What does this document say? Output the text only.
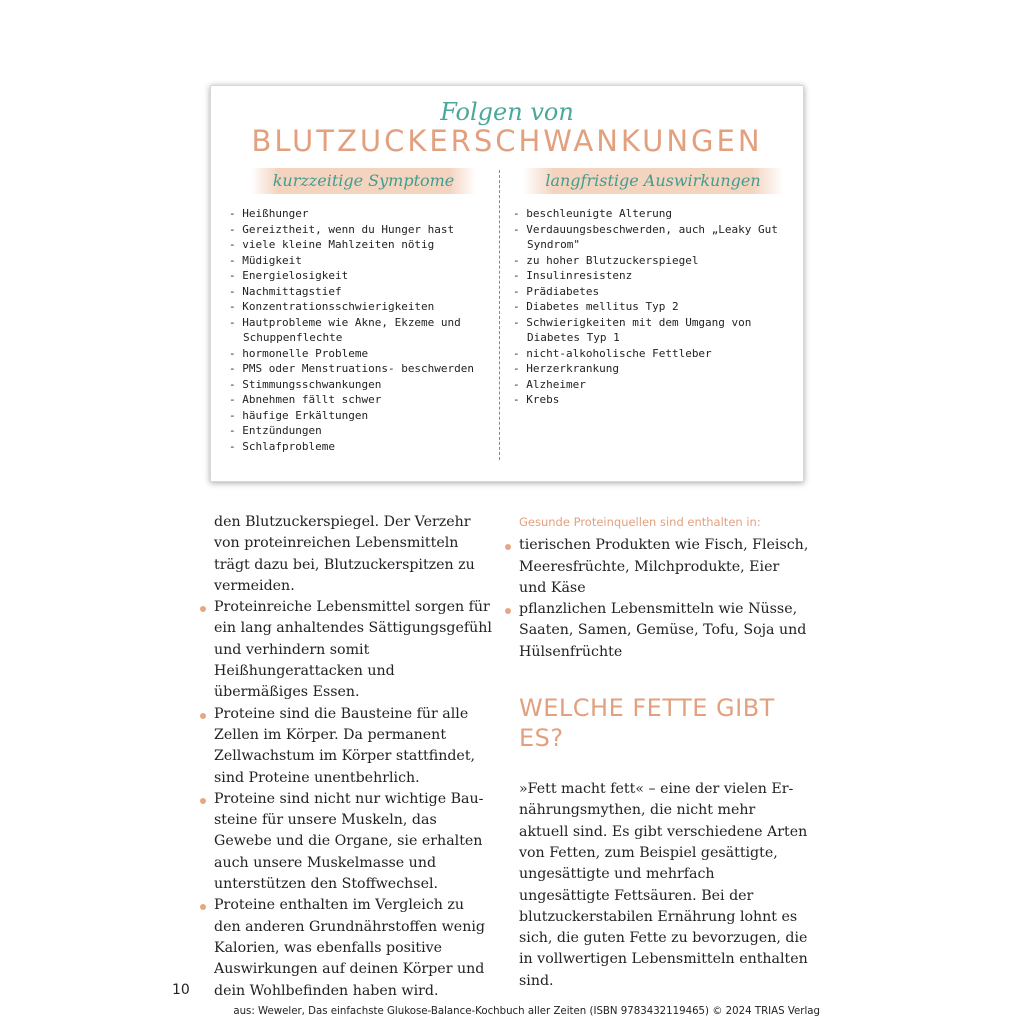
Folgen von
BLUTZUCKERSCHWANKUNGEN
kurzzeitige Symptome	langfristige Auswirkungen
- Heißhunger
- Gereiztheit, wenn du Hunger hast
- viele kleine Mahlzeiten nötig
- Müdigkeit
- Energielosigkeit
- Nachmittagstief
- Konzentrationsschwierigkeiten
- Hautprobleme wie Akne, Ekzeme und Schuppenflechte
- hormonelle Probleme
- PMS oder Menstruations- beschwerden
- Stimmungsschwankungen
- Abnehmen fällt schwer
- häufige Erkältungen
- Entzündungen
- Schlafprobleme
- beschleunigte Alterung
- Verdauungsbeschwerden, auch „Leaky Gut Syndrom"
- zu hoher Blutzuckerspiegel
- Insulinresistenz
- Prädiabetes
- Diabetes mellitus Typ 2
- Schwierigkeiten mit dem Umgang von Diabetes Typ 1
- nicht-alkoholische Fettleber
- Herzerkrankung
- Alzheimer
- Krebs

den Blutzuckerspiegel. Der Verzehr von proteinreichen Lebensmitteln trägt dazu bei, Blutzuckerspitzen zu vermeiden.

Proteinreiche Lebensmittel sorgen für ein lang anhaltendes Sättigungsgefühl und verhindern somit Heißhungerattacken und übermäßiges Essen.
Proteine sind die Bausteine für alle Zellen im Körper. Da permanent Zellwachstum im Körper stattfindet, sind Proteine unentbehrlich.
Proteine sind nicht nur wichtige Bausteine für unsere Muskeln, das Gewebe und die Organe, sie erhalten auch unsere Muskelmasse und unterstützen den Stoffwechsel.
Proteine enthalten im Vergleich zu den anderen Grundnährstoffen wenig Kalorien, was ebenfalls positive Auswirkungen auf deinen Körper und dein Wohlbefinden haben wird.
Gesunde Proteinquellen sind enthalten in:
tierischen Produkten wie Fisch, Fleisch, Meeresfrüchte, Milchprodukte, Eier und Käse
pflanzlichen Lebensmitteln wie Nüsse, Saaten, Samen, Gemüse, Tofu, Soja und Hülsenfrüchte
WELCHE FETTE GIBT ES?

»Fett macht fett« – eine der vielen Ernährungsmythen, die nicht mehr aktuell sind. Es gibt verschiedene Arten von Fetten, zum Beispiel gesättigte, ungesättigte und mehrfach ungesättigte Fettsäuren. Bei der blutzuckerstabilen Ernährung lohnt es sich, die guten Fette zu bevorzugen, die in vollwertigen Lebensmitteln enthalten sind.

10
aus: Weweler, Das einfachste Glukose-Balance-Kochbuch aller Zeiten (ISBN 9783432119465) © 2024 TRIAS Verlag
